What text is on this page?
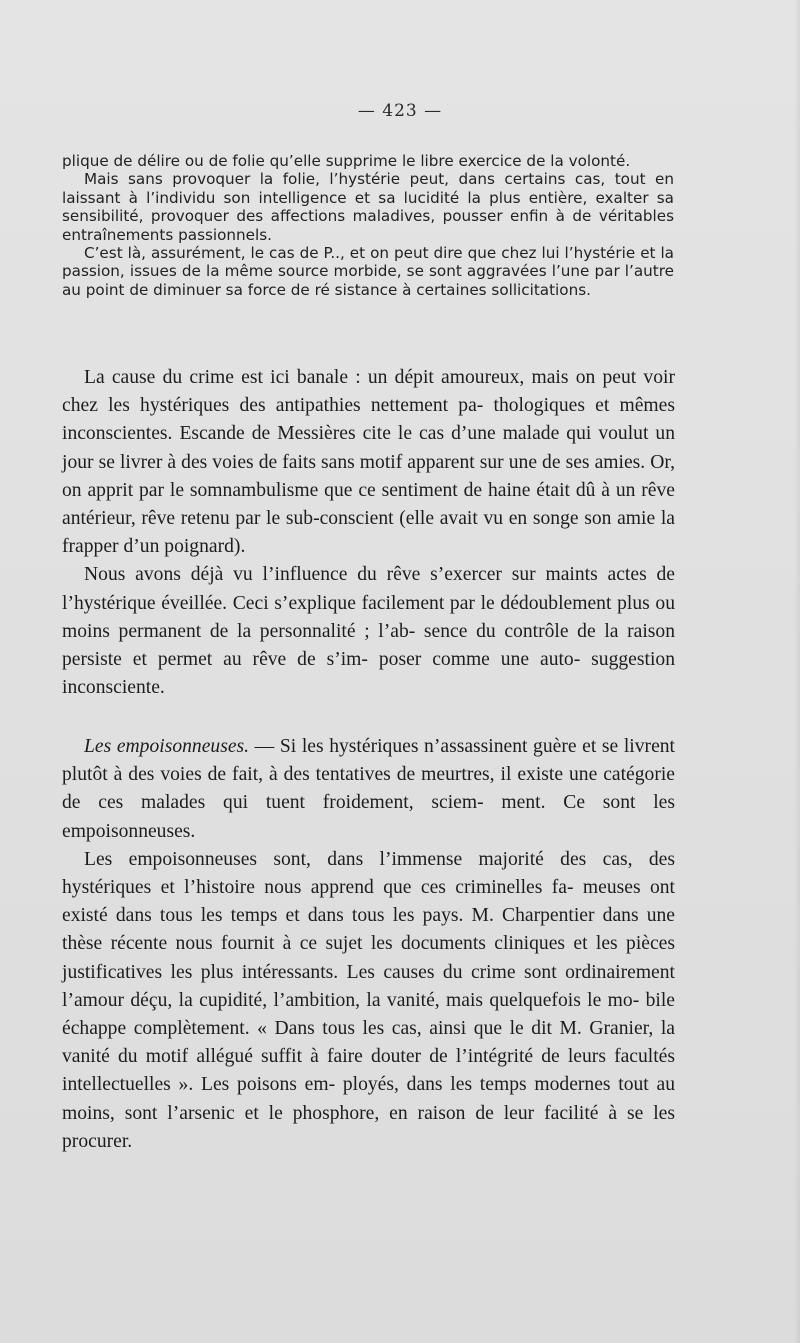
— 423 —

plique de délire ou de folie qu’elle supprime le libre exercice de la volonté.

Mais sans provoquer la folie, l’hystérie peut, dans certains cas, tout en laissant à l’individu son intelligence et sa lucidité la plus entière, exalter sa sensibilité, provoquer des affections maladives, pousser enfin à de véritables entraînements passionnels.

C’est là, assurément, le cas de P.., et on peut dire que chez lui l’hystérie et la passion, issues de la même source morbide, se sont aggravées l’une par l’autre au point de diminuer sa force de ré sistance à certaines sollicitations.

La cause du crime est ici banale : un dépit amoureux, mais on peut voir chez les hystériques des antipathies nettement pa- thologiques et mêmes inconscientes. Escande de Messières cite le cas d’une malade qui voulut un jour se livrer à des voies de faits sans motif apparent sur une de ses amies. Or, on apprit par le somnambulisme que ce sentiment de haine était dû à un rêve antérieur, rêve retenu par le sub-conscient (elle avait vu en songe son amie la frapper d’un poignard).

Nous avons déjà vu l’influence du rêve s’exercer sur maints actes de l’hystérique éveillée. Ceci s’explique facilement par le dédoublement plus ou moins permanent de la personnalité ; l’ab- sence du contrôle de la raison persiste et permet au rêve de s’im- poser comme une auto- suggestion inconsciente.

Les empoisonneuses. — Si les hystériques n’assassinent guère et se livrent plutôt à des voies de fait, à des tentatives de meurtres, il existe une catégorie de ces malades qui tuent froidement, sciem- ment. Ce sont les empoisonneuses.

Les empoisonneuses sont, dans l’immense majorité des cas, des hystériques et l’histoire nous apprend que ces criminelles fa- meuses ont existé dans tous les temps et dans tous les pays. M. Charpentier dans une thèse récente nous fournit à ce sujet les documents cliniques et les pièces justificatives les plus intéressants. Les causes du crime sont ordinairement l’amour déçu, la cupidité, l’ambition, la vanité, mais quelquefois le mo- bile échappe complètement. « Dans tous les cas, ainsi que le dit M. Granier, la vanité du motif allégué suffit à faire douter de l’intégrité de leurs facultés intellectuelles ». Les poisons em- ployés, dans les temps modernes tout au moins, sont l’arsenic et le phosphore, en raison de leur facilité à se les procurer.
